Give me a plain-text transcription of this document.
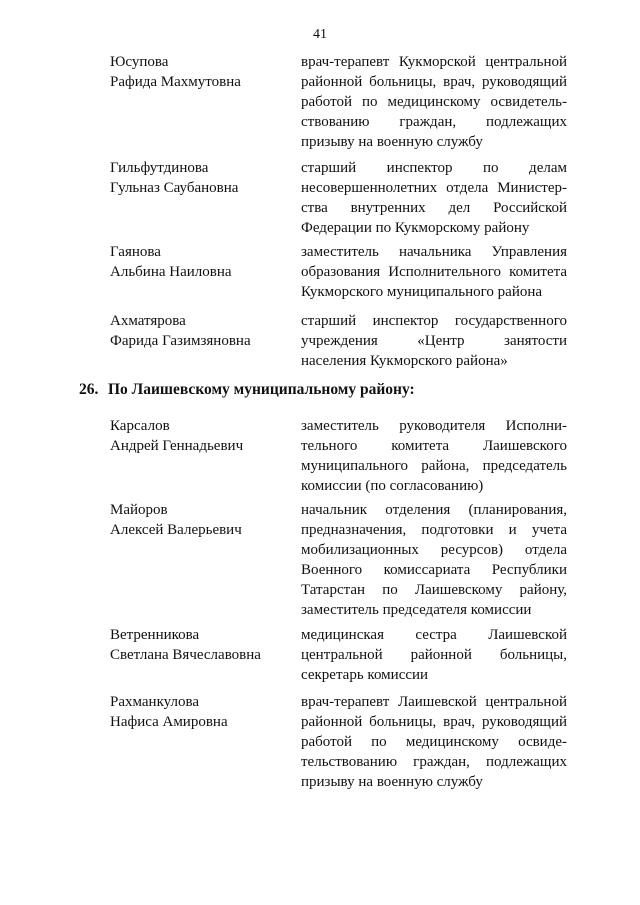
41
Юсупова
Рафида Махмутовна
врач-терапевт Кукморской центральной
районной больницы, врач, руководящий
работой по медицинскому освидетель-
ствованию граждан, подлежащих
призыву на военную службу
Гильфутдинова
Гульназ Саубановна
старший инспектор по делам
несовершеннолетних отдела Министер-
ства внутренних дел Российской
Федерации по Кукморскому району
Гаянова
Альбина Наиловна
заместитель начальника Управления
образования Исполнительного комитета
Кукморского муниципального района
Ахматярова
Фарида Газимзяновна
старший инспектор государственного
учреждения «Центр занятости
населения Кукморского района»
26. По Лаишевскому муниципальному району:
Карсалов
Андрей Геннадьевич
заместитель руководителя Исполни-
тельного комитета Лаишевского
муниципального района, председатель
комиссии (по согласованию)
Майоров
Алексей Валерьевич
начальник отделения (планирования,
предназначения, подготовки и учета
мобилизационных ресурсов) отдела
Военного комиссариата Республики
Татарстан по Лаишевскому району,
заместитель председателя комиссии
Ветренникова
Светлана Вячеславовна
медицинская сестра Лаишевской
центральной районной больницы,
секретарь комиссии
Рахманкулова
Нафиса Амировна
врач-терапевт Лаишевской центральной
районной больницы, врач, руководящий
работой по медицинскому освиде-
тельствованию граждан, подлежащих
призыву на военную службу
